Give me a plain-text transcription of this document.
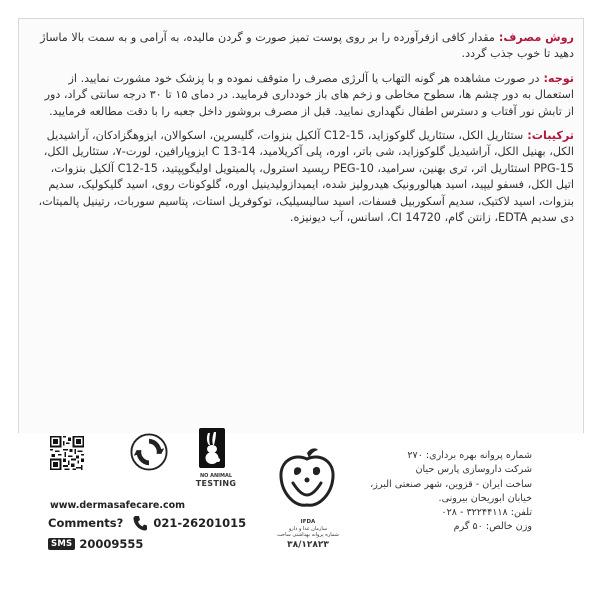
روش مصرف:مقدار کافی ازفرآورده را بر روی پوست تمیز صورت و گردن مالیده، به آرامی و به سمت بالا ماساژ دهید تا خوب جذب گردد.
توجه:در صورت مشاهده هر گونه التهاب یا آلرژی مصرف را متوقف نموده و با پزشک خود مشورت نمایید. از استعمال به دور چشم ها، سطوح مخاطی و زخم های باز خودداری فرمایید. در دمای ۱۵ تا ۳۰ درجه سانتی گراد، دور از تابش نور آفتاب و دسترس اطفال نگهداری نمایید. قبل از مصرف بروشور داخل جعبه را با دقت مطالعه فرمایید.
ترکیبات:ستئاریل الکل، ستئاریل گلوکوزاید، C12-15 آلکیل بنزوات، گلیسرین، اسکوالان، ایزوهگزادکان، آراشیدیل الکل، بهنیل الکل، آراشیدیل گلوکوزاید، شی باتر، اوره، پلی آکریلامید، C 13-14 ایزوپارافین، لورت-۷، ستئاریل الکل، PPG-15 استئاریل اتر، تری بهنین، سرامید، PEG-10 رپسید استرول، پالمیتویل اولیگوپپتید، C12-15 آلکیل بنزوات، اتیل الکل، فسفو لیپید، اسید هیالورونیک هیدرولیز شده، ایمیدازولیدینیل اوره، گلوکونات روی، اسید گلیکولیک، سدیم بنزوات، اسید لاکتیک، سدیم آسکوربیل فسفات، اسید سالیسیلیک، توکوفریل استات، پتاسیم سوربات، رتینیل پالمیتات، دی سدیم EDTA، زانتن گام، CI 14720، اسانس، آب دیونیزه.
NO ANIMAL
TESTING
www.dermasafecare.com
Comments?	021-26201015
SMS 20009555
IFDA
سازمان غذا و دارو
شماره پروانه بهداشتی ساخت
۳۸/۱۲۸۲۳
شماره پروانه بهره برداری: ۲۷۰
شرکت داروسازی پارس حیان
ساخت ایران - قزوین، شهر صنعتی البرز،
خیابان ابوریحان بیرونی.
تلفن: ۳۲۲۴۴۱۱۸ - ۰۲۸
وزن خالص: ۵۰ گرم
